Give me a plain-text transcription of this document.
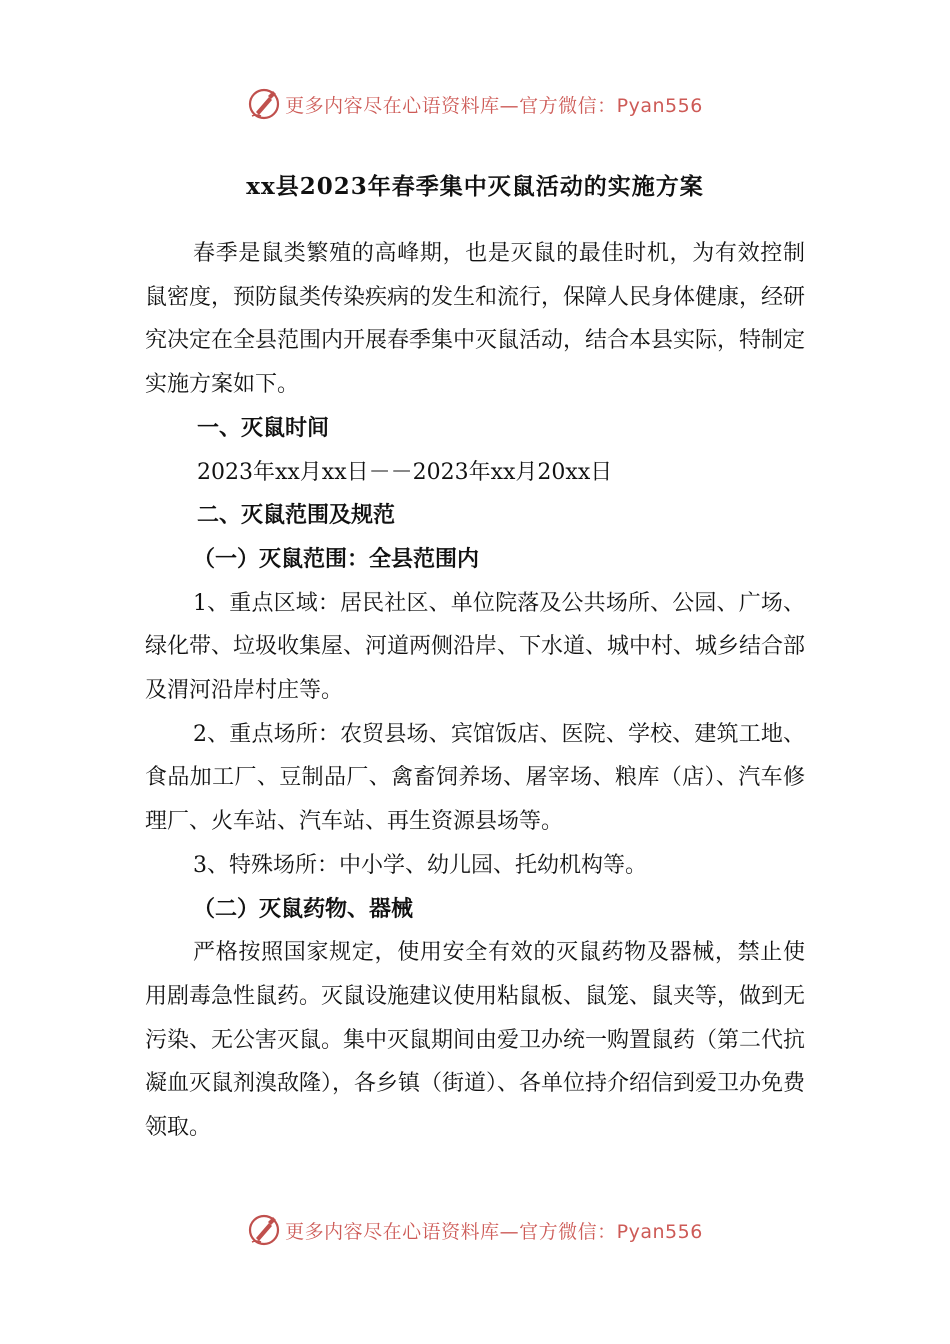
更多内容尽在心语资料库—官方微信：Pyan556
xx县2023年春季集中灭鼠活动的实施方案

春季是鼠类繁殖的高峰期，也是灭鼠的最佳时机，为有效控制鼠密度，预防鼠类传染疾病的发生和流行，保障人民身体健康，经研究决定在全县范围内开展春季集中灭鼠活动，结合本县实际，特制定实施方案如下。

一、灭鼠时间

2023年xx月xx日－－2023年xx月20xx日

二、灭鼠范围及规范

（一）灭鼠范围：全县范围内

1、重点区域：居民社区、单位院落及公共场所、公园、广场、绿化带、垃圾收集屋、河道两侧沿岸、下水道、城中村、城乡结合部及渭河沿岸村庄等。

2、重点场所：农贸县场、宾馆饭店、医院、学校、建筑工地、食品加工厂、豆制品厂、禽畜饲养场、屠宰场、粮库（店）、汽车修理厂、火车站、汽车站、再生资源县场等。

3、特殊场所：中小学、幼儿园、托幼机构等。

（二）灭鼠药物、器械

严格按照国家规定，使用安全有效的灭鼠药物及器械，禁止使用剧毒急性鼠药。灭鼠设施建议使用粘鼠板、鼠笼、鼠夹等，做到无污染、无公害灭鼠。集中灭鼠期间由爱卫办统一购置鼠药（第二代抗凝血灭鼠剂溴敌隆），各乡镇（街道）、各单位持介绍信到爱卫办免费领取。

更多内容尽在心语资料库—官方微信：Pyan556
